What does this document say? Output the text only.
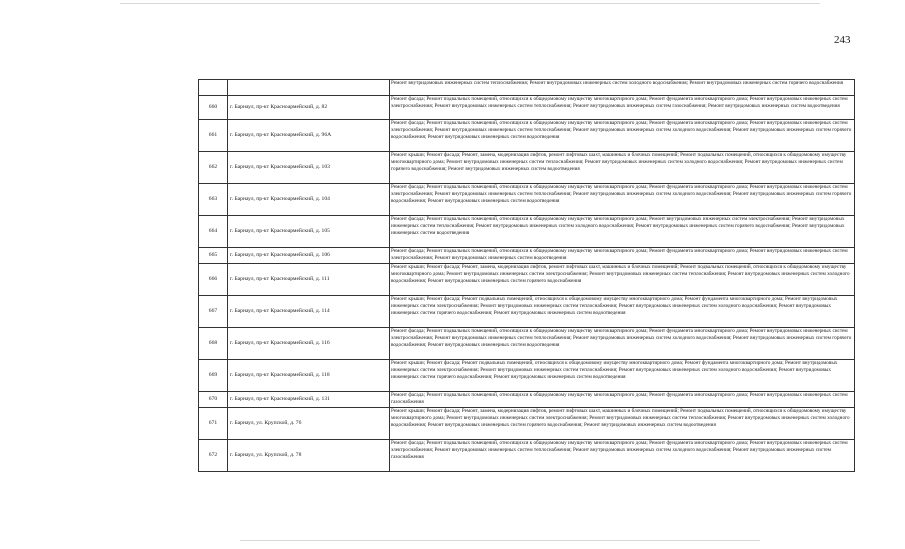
243
		Ремонт внутридомовых инженерных систем теплоснабжения; Ремонт внутридомовых инженерных систем холодного водоснабжения; Ремонт внутридомовых инженерных систем горячего водоснабжения
660	г. Барнаул, пр-кт Красноармейский, д. 82	Ремонт фасада; Ремонт подвальных помещений, относящихся к общедомовому имуществу многоквартирного дома; Ремонт фундамента многоквартирного дома; Ремонт внутридомовых инженерных систем электроснабжения; Ремонт внутридомовых инженерных систем теплоснабжения; Ремонт внутридомовых инженерных систем газоснабжения; Ремонт внутридомовых инженерных систем водоотведения
661	г. Барнаул, пр-кт Красноармейский, д. 96А	Ремонт фасада; Ремонт подвальных помещений, относящихся к общедомовому имуществу многоквартирного дома; Ремонт фундамента многоквартирного дома; Ремонт внутридомовых инженерных систем электроснабжения; Ремонт внутридомовых инженерных систем теплоснабжения; Ремонт внутридомовых инженерных систем холодного водоснабжения; Ремонт внутридомовых инженерных систем горячего водоснабжения; Ремонт внутридомовых инженерных систем водоотведения
662	г. Барнаул, пр-кт Красноармейский, д. 103	Ремонт крыши; Ремонт фасада; Ремонт, замена, модернизация лифтов, ремонт лифтовых шахт, машинных и блочных помещений; Ремонт подвальных помещений, относящихся к общедомовому имуществу многоквартирного дома; Ремонт внутридомовых инженерных систем теплоснабжения; Ремонт внутридомовых инженерных систем холодного водоснабжения; Ремонт внутридомовых инженерных систем горячего водоснабжения; Ремонт внутридомовых инженерных систем водоотведения
663	г. Барнаул, пр-кт Красноармейский, д. 104	Ремонт фасада; Ремонт подвальных помещений, относящихся к общедомовому имуществу многоквартирного дома; Ремонт фундамента многоквартирного дома; Ремонт внутридомовых инженерных систем электроснабжения; Ремонт внутридомовых инженерных систем теплоснабжения; Ремонт внутридомовых инженерных систем холодного водоснабжения; Ремонт внутридомовых инженерных систем горячего водоснабжения; Ремонт внутридомовых инженерных систем водоотведения
664	г. Барнаул, пр-кт Красноармейский, д. 105	Ремонт фасада; Ремонт подвальных помещений, относящихся к общедомовому имуществу многоквартирного дома; Ремонт внутридомовых инженерных систем электроснабжения; Ремонт внутридомовых инженерных систем теплоснабжения; Ремонт внутридомовых инженерных систем холодного водоснабжения; Ремонт внутридомовых инженерных систем горячего водоснабжения; Ремонт внутридомовых инженерных систем водоотведения
665	г. Барнаул, пр-кт Красноармейский, д. 106	Ремонт фасада; Ремонт подвальных помещений, относящихся к общедомовому имуществу многоквартирного дома; Ремонт фундамента многоквартирного дома; Ремонт внутридомовых инженерных систем электроснабжения; Ремонт внутридомовых инженерных систем водоотведения
666	г. Барнаул, пр-кт Красноармейский, д. 111	Ремонт крыши; Ремонт фасада; Ремонт, замена, модернизация лифтов, ремонт лифтовых шахт, машинных и блочных помещений; Ремонт подвальных помещений, относящихся к общедомовому имуществу многоквартирного дома; Ремонт внутридомовых инженерных систем электроснабжения; Ремонт внутридомовых инженерных систем теплоснабжения; Ремонт внутридомовых инженерных систем холодного водоснабжения; Ремонт внутридомовых инженерных систем горячего водоснабжения
667	г. Барнаул, пр-кт Красноармейский, д. 114	Ремонт крыши; Ремонт фасада; Ремонт подвальных помещений, относящихся к общедомовому имуществу многоквартирного дома; Ремонт фундамента многоквартирного дома; Ремонт внутридомовых инженерных систем электроснабжения; Ремонт внутридомовых инженерных систем теплоснабжения; Ремонт внутридомовых инженерных систем холодного водоснабжения; Ремонт внутридомовых инженерных систем горячего водоснабжения; Ремонт внутридомовых инженерных систем водоотведения
668	г. Барнаул, пр-кт Красноармейский, д. 116	Ремонт фасада; Ремонт подвальных помещений, относящихся к общедомовому имуществу многоквартирного дома; Ремонт фундамента многоквартирного дома; Ремонт внутридомовых инженерных систем электроснабжения; Ремонт внутридомовых инженерных систем теплоснабжения; Ремонт внутридомовых инженерных систем холодного водоснабжения; Ремонт внутридомовых инженерных систем горячего водоснабжения; Ремонт внутридомовых инженерных систем водоотведения
669	г. Барнаул, пр-кт Красноармейский, д. 118	Ремонт крыши; Ремонт фасада; Ремонт подвальных помещений, относящихся к общедомовому имуществу многоквартирного дома; Ремонт фундамента многоквартирного дома; Ремонт внутридомовых инженерных систем электроснабжения; Ремонт внутридомовых инженерных систем теплоснабжения; Ремонт внутридомовых инженерных систем холодного водоснабжения; Ремонт внутридомовых инженерных систем горячего водоснабжения; Ремонт внутридомовых инженерных систем водоотведения
670	г. Барнаул, пр-кт Красноармейский, д. 131	Ремонт фасада; Ремонт подвальных помещений, относящихся к общедомовому имуществу многоквартирного дома; Ремонт фундамента многоквартирного дома; Ремонт внутридомовых инженерных систем газоснабжения
671	г. Барнаул, ул. Крупской, д. 76	Ремонт крыши; Ремонт фасада; Ремонт, замена, модернизация лифтов, ремонт лифтовых шахт, машинных и блочных помещений; Ремонт подвальных помещений, относящихся к общедомовому имуществу многоквартирного дома; Ремонт внутридомовых инженерных систем электроснабжения; Ремонт внутридомовых инженерных систем теплоснабжения; Ремонт внутридомовых инженерных систем холодного водоснабжения; Ремонт внутридомовых инженерных систем горячего водоснабжения; Ремонт внутридомовых инженерных систем водоотведения
672	г. Барнаул, ул. Крупской, д. 78	Ремонт фасада; Ремонт подвальных помещений, относящихся к общедомовому имуществу многоквартирного дома; Ремонт фундамента многоквартирного дома; Ремонт внутридомовых инженерных систем электроснабжения; Ремонт внутридомовых инженерных систем теплоснабжения; Ремонт внутридомовых инженерных систем холодного водоснабжения; Ремонт внутридомовых инженерных систем газоснабжения
